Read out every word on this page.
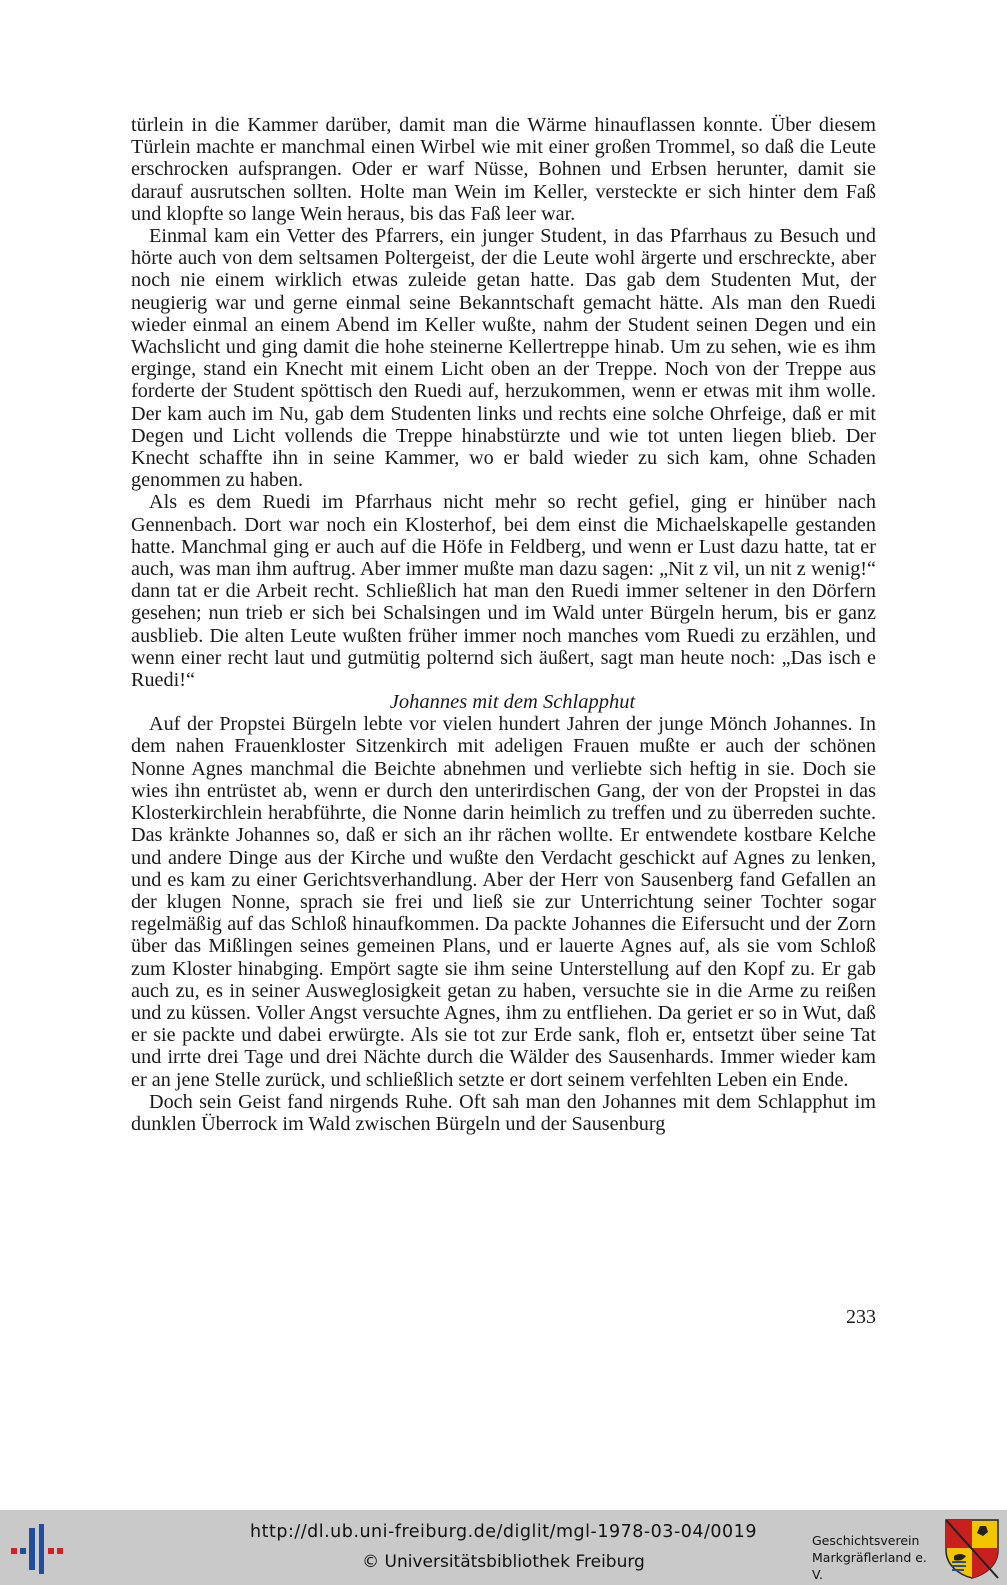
türlein in die Kammer darüber, damit man die Wärme hinauflassen konnte. Über diesem Türlein machte er manchmal einen Wirbel wie mit einer großen Trommel, so daß die Leute erschrocken aufsprangen. Oder er warf Nüsse, Bohnen und Erbsen herunter, damit sie darauf ausrutschen sollten. Holte man Wein im Keller, versteckte er sich hinter dem Faß und klopfte so lange Wein heraus, bis das Faß leer war.

Einmal kam ein Vetter des Pfarrers, ein junger Student, in das Pfarrhaus zu Besuch und hörte auch von dem seltsamen Poltergeist, der die Leute wohl ärgerte und erschreckte, aber noch nie einem wirklich etwas zuleide getan hatte. Das gab dem Studenten Mut, der neugierig war und gerne einmal seine Bekanntschaft gemacht hätte. Als man den Ruedi wieder einmal an einem Abend im Keller wußte, nahm der Student seinen Degen und ein Wachslicht und ging damit die hohe steinerne Kellertreppe hinab. Um zu sehen, wie es ihm erginge, stand ein Knecht mit einem Licht oben an der Treppe. Noch von der Treppe aus forderte der Student spöttisch den Ruedi auf, herzukommen, wenn er etwas mit ihm wolle. Der kam auch im Nu, gab dem Studenten links und rechts eine solche Ohrfeige, daß er mit Degen und Licht vollends die Treppe hinabstürzte und wie tot unten liegen blieb. Der Knecht schaffte ihn in seine Kammer, wo er bald wieder zu sich kam, ohne Schaden genommen zu haben.

Als es dem Ruedi im Pfarrhaus nicht mehr so recht gefiel, ging er hinüber nach Gennenbach. Dort war noch ein Klosterhof, bei dem einst die Michaelskapelle gestanden hatte. Manchmal ging er auch auf die Höfe in Feldberg, und wenn er Lust dazu hatte, tat er auch, was man ihm auftrug. Aber immer mußte man dazu sagen: „Nit z vil, un nit z wenig!“ dann tat er die Arbeit recht. Schließlich hat man den Ruedi immer seltener in den Dörfern gesehen; nun trieb er sich bei Schalsingen und im Wald unter Bürgeln herum, bis er ganz ausblieb. Die alten Leute wußten früher immer noch manches vom Ruedi zu erzählen, und wenn einer recht laut und gutmütig polternd sich äußert, sagt man heute noch: „Das isch e Ruedi!“

Johannes mit dem Schlapphut

Auf der Propstei Bürgeln lebte vor vielen hundert Jahren der junge Mönch Johannes. In dem nahen Frauenkloster Sitzenkirch mit adeligen Frauen mußte er auch der schönen Nonne Agnes manchmal die Beichte abnehmen und verliebte sich heftig in sie. Doch sie wies ihn entrüstet ab, wenn er durch den unterirdischen Gang, der von der Propstei in das Klosterkirchlein herabführte, die Nonne darin heimlich zu treffen und zu überreden suchte. Das kränkte Johannes so, daß er sich an ihr rächen wollte. Er entwendete kostbare Kelche und andere Dinge aus der Kirche und wußte den Verdacht geschickt auf Agnes zu lenken, und es kam zu einer Gerichtsverhandlung. Aber der Herr von Sausenberg fand Gefallen an der klugen Nonne, sprach sie frei und ließ sie zur Unterrichtung seiner Tochter sogar regelmäßig auf das Schloß hinaufkommen. Da packte Johannes die Eifersucht und der Zorn über das Mißlingen seines gemeinen Plans, und er lauerte Agnes auf, als sie vom Schloß zum Kloster hinabging. Empört sagte sie ihm seine Unterstellung auf den Kopf zu. Er gab auch zu, es in seiner Ausweglosigkeit getan zu haben, versuchte sie in die Arme zu reißen und zu küssen. Voller Angst versuchte Agnes, ihm zu entfliehen. Da geriet er so in Wut, daß er sie packte und dabei erwürgte. Als sie tot zur Erde sank, floh er, entsetzt über seine Tat und irrte drei Tage und drei Nächte durch die Wälder des Sausenhards. Immer wieder kam er an jene Stelle zurück, und schließlich setzte er dort seinem verfehlten Leben ein Ende.

Doch sein Geist fand nirgends Ruhe. Oft sah man den Johannes mit dem Schlapphut im dunklen Überrock im Wald zwischen Bürgeln und der Sausenburg

233
http://dl.ub.uni-freiburg.de/diglit/mgl-1978-03-04/0019
© Universitätsbibliothek Freiburg
Geschichtsverein
Markgräflerland e. V.
